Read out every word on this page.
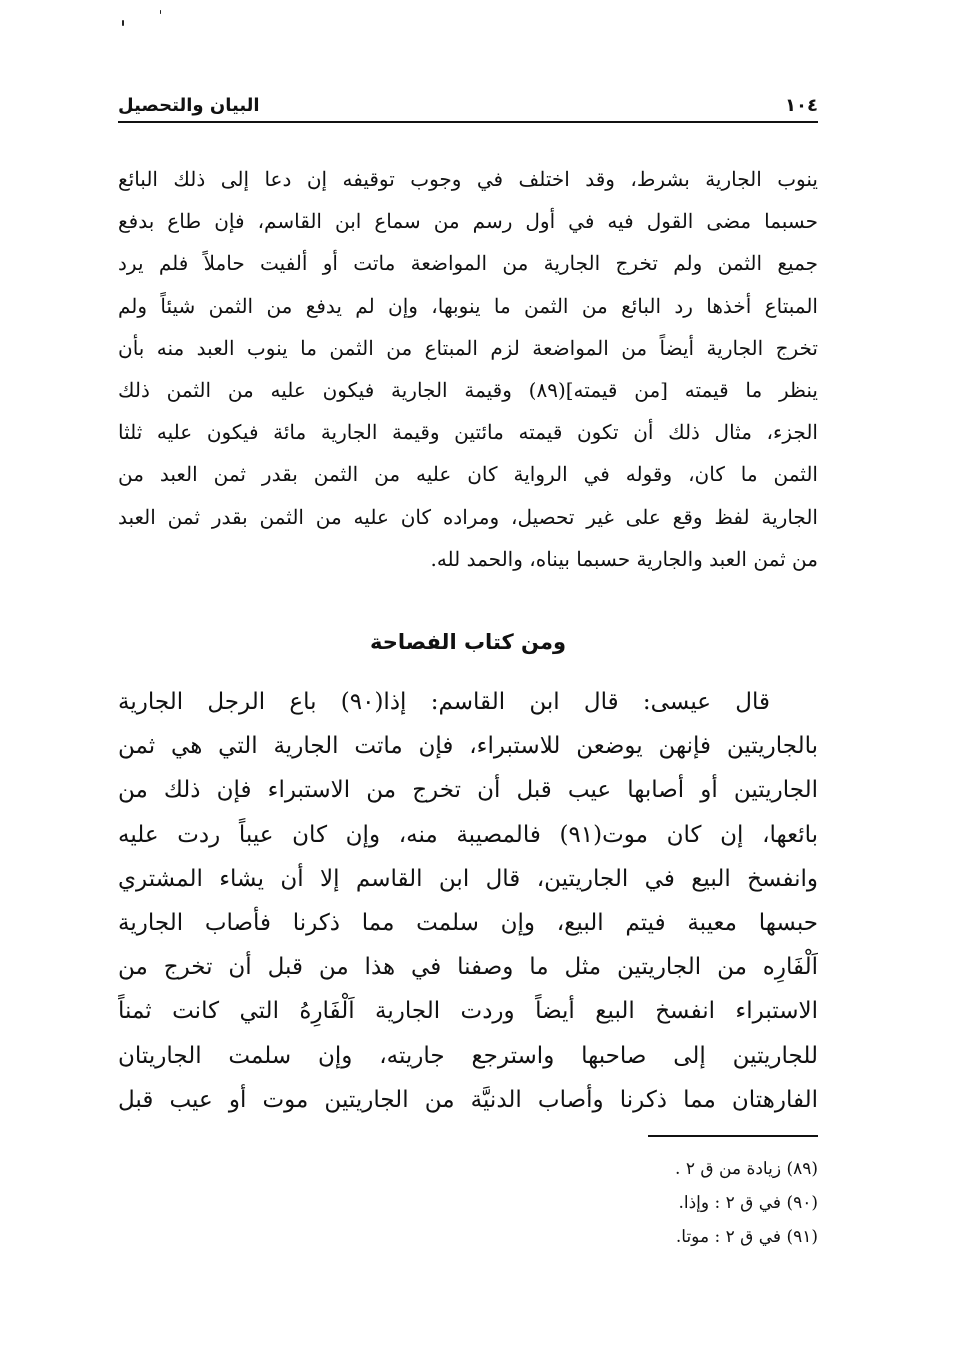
١٠٤
البيان والتحصيل
ينوب الجارية بشرط، وقد اختلف في وجوب توقيفه إن دعا إلى ذلك البائع
حسبما مضى القول فيه في أول رسم من سماع ابن القاسم، فإن طاع بدفع
جميع الثمن ولم تخرج الجارية من المواضعة ماتت أو ألفيت حاملاً فلم يرد
المبتاع أخذها رد البائع من الثمن ما ينوبها، وإن لم يدفع من الثمن شيئاً ولم
تخرج الجارية أيضاً من المواضعة لزم المبتاع من الثمن ما ينوب العبد منه بأن
ينظر ما قيمته [من قيمته](٨٩) وقيمة الجارية فيكون عليه من الثمن ذلك
الجزء، مثال ذلك أن تكون قيمته مائتين وقيمة الجارية مائة فيكون عليه ثلثا
الثمن ما كان، وقوله في الرواية كان عليه من الثمن بقدر ثمن العبد من
الجارية لفظ وقع على غير تحصيل، ومراده كان عليه من الثمن بقدر ثمن العبد
من ثمن العبد والجارية حسبما بيناه، والحمد لله.
ومن كتاب الفصاحة
قال عيسى: قال ابن القاسم: إذا(٩٠) باع الرجل الجارية
بالجاريتين فإنهن يوضعن للاستبراء، فإن ماتت الجارية التي هي ثمن
الجاريتين أو أصابها عيب قبل أن تخرج من الاستبراء فإن ذلك من
بائعها، إن كان موت(٩١) فالمصيبة منه، وإن كان عيباً ردت عليه
وانفسخ البيع في الجاريتين، قال ابن القاسم إلا أن يشاء المشتري
حبسها معيبة فيتم البيع، وإن سلمت مما ذكرنا فأصاب الجارية
اَلْفَارِه من الجاريتين مثل ما وصفنا في هذا من قبل أن تخرج من
الاستبراء انفسخ البيع أيضاً وردت الجارية اَلْفَارِهُ التي كانت ثمناً
للجاريتين إلى صاحبها واسترجع جاريته، وإن سلمت الجاريتان
الفارهتان مما ذكرنا وأصاب الدنيَّة من الجاريتين موت أو عيب قبل
(٨٩) زيادة من ق ٢ .
(٩٠) في ق ٢ : وإذا.
(٩١) في ق ٢ : موتا.
